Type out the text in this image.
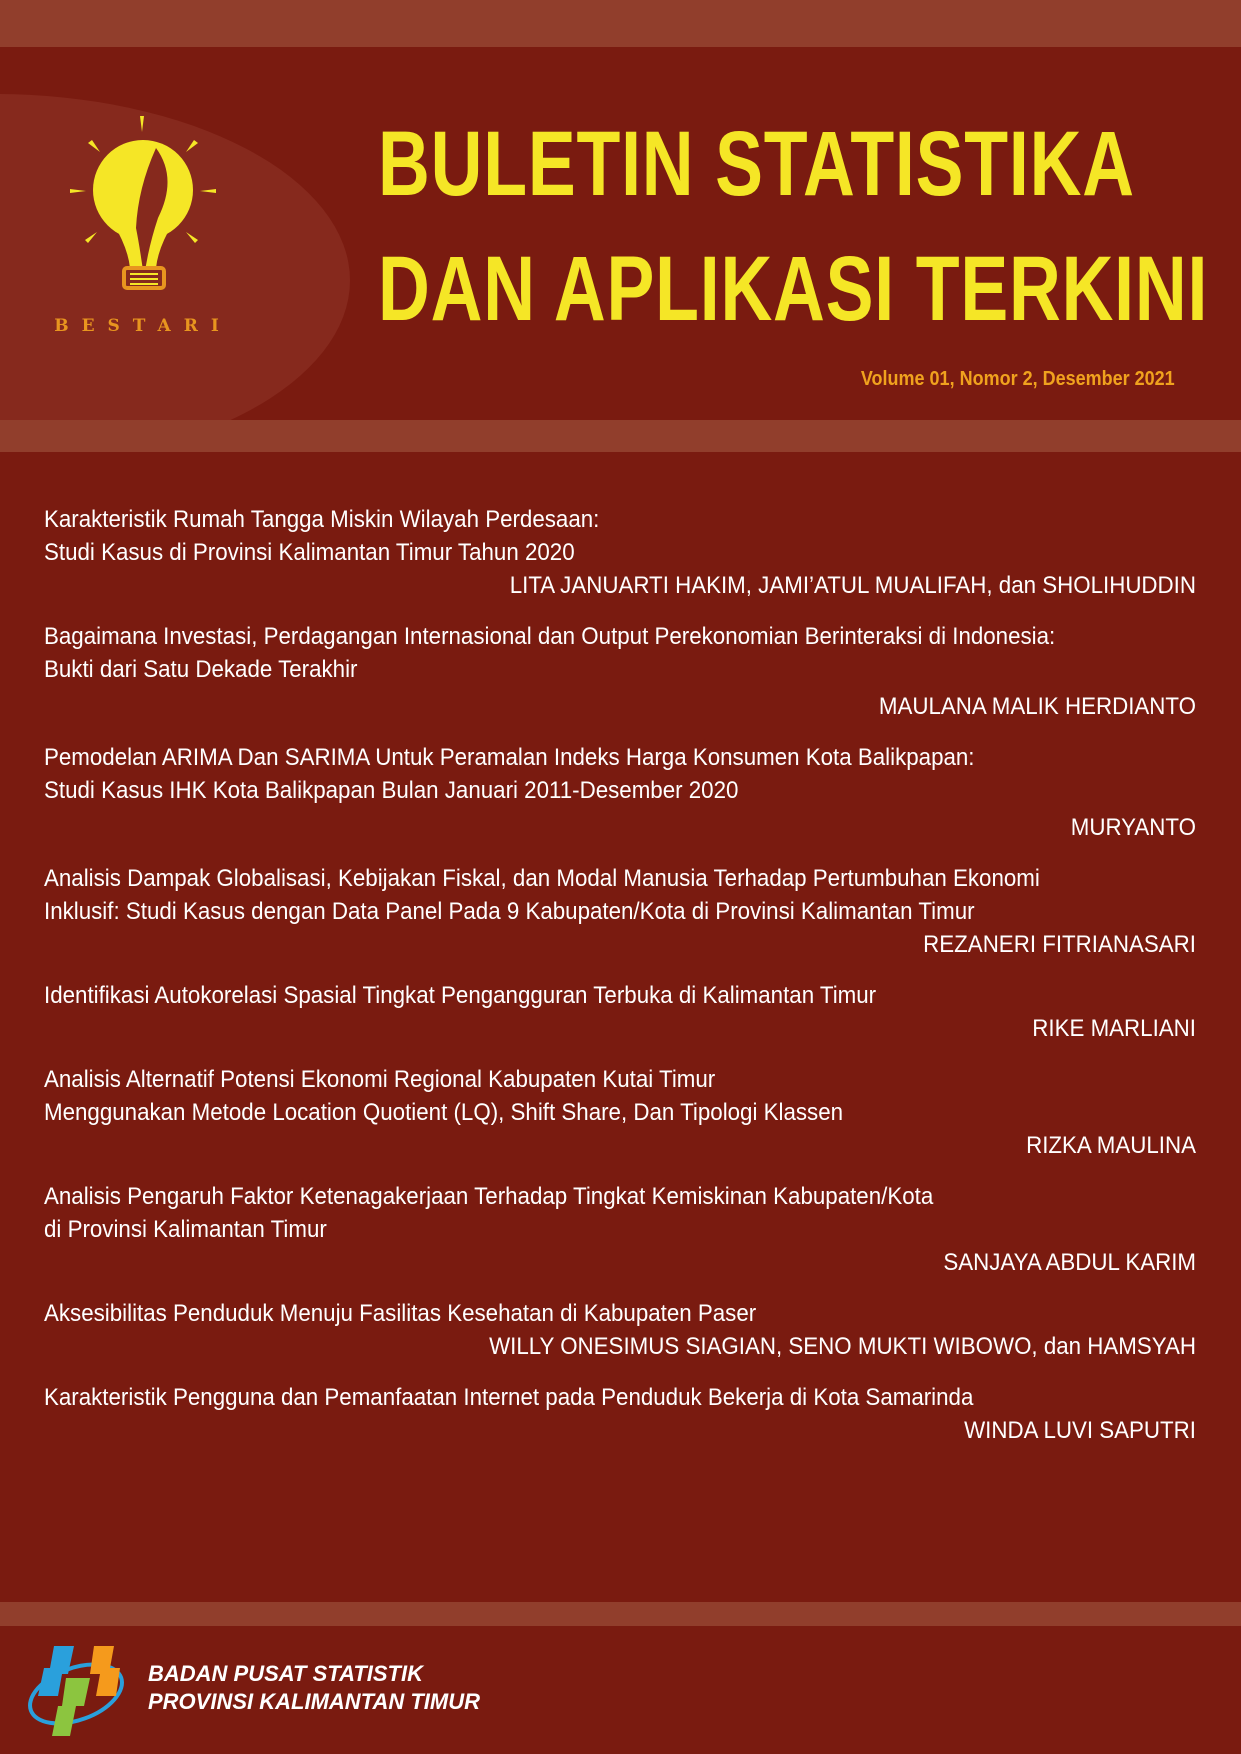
BESTARI
BULETIN STATISTIKA
DAN APLIKASI TERKINI
Volume 01, Nomor 2, Desember 2021
Karakteristik Rumah Tangga Miskin Wilayah Perdesaan:
Studi Kasus di Provinsi Kalimantan Timur Tahun 2020
LITA JANUARTI HAKIM, JAMI’ATUL MUALIFAH, dan SHOLIHUDDIN
Bagaimana Investasi, Perdagangan Internasional dan Output Perekonomian Berinteraksi di Indonesia:
Bukti dari Satu Dekade Terakhir
MAULANA MALIK HERDIANTO
Pemodelan ARIMA Dan SARIMA Untuk Peramalan Indeks Harga Konsumen Kota Balikpapan:
Studi Kasus IHK Kota Balikpapan Bulan Januari 2011-Desember 2020
MURYANTO
Analisis Dampak Globalisasi, Kebijakan Fiskal, dan Modal Manusia Terhadap Pertumbuhan Ekonomi
Inklusif: Studi Kasus dengan Data Panel Pada 9 Kabupaten/Kota di Provinsi Kalimantan Timur
REZANERI FITRIANASARI
Identifikasi Autokorelasi Spasial Tingkat Pengangguran Terbuka di Kalimantan Timur
RIKE MARLIANI
Analisis Alternatif Potensi Ekonomi Regional Kabupaten Kutai Timur
Menggunakan Metode Location Quotient (LQ), Shift Share, Dan Tipologi Klassen
RIZKA MAULINA
Analisis Pengaruh Faktor Ketenagakerjaan Terhadap Tingkat Kemiskinan Kabupaten/Kota
di Provinsi Kalimantan Timur
SANJAYA ABDUL KARIM
Aksesibilitas Penduduk Menuju Fasilitas Kesehatan di Kabupaten Paser
WILLY ONESIMUS SIAGIAN, SENO MUKTI WIBOWO, dan HAMSYAH
Karakteristik Pengguna dan Pemanfaatan Internet pada Penduduk Bekerja di Kota Samarinda
WINDA LUVI SAPUTRI
BADAN PUSAT STATISTIK
PROVINSI KALIMANTAN TIMUR
